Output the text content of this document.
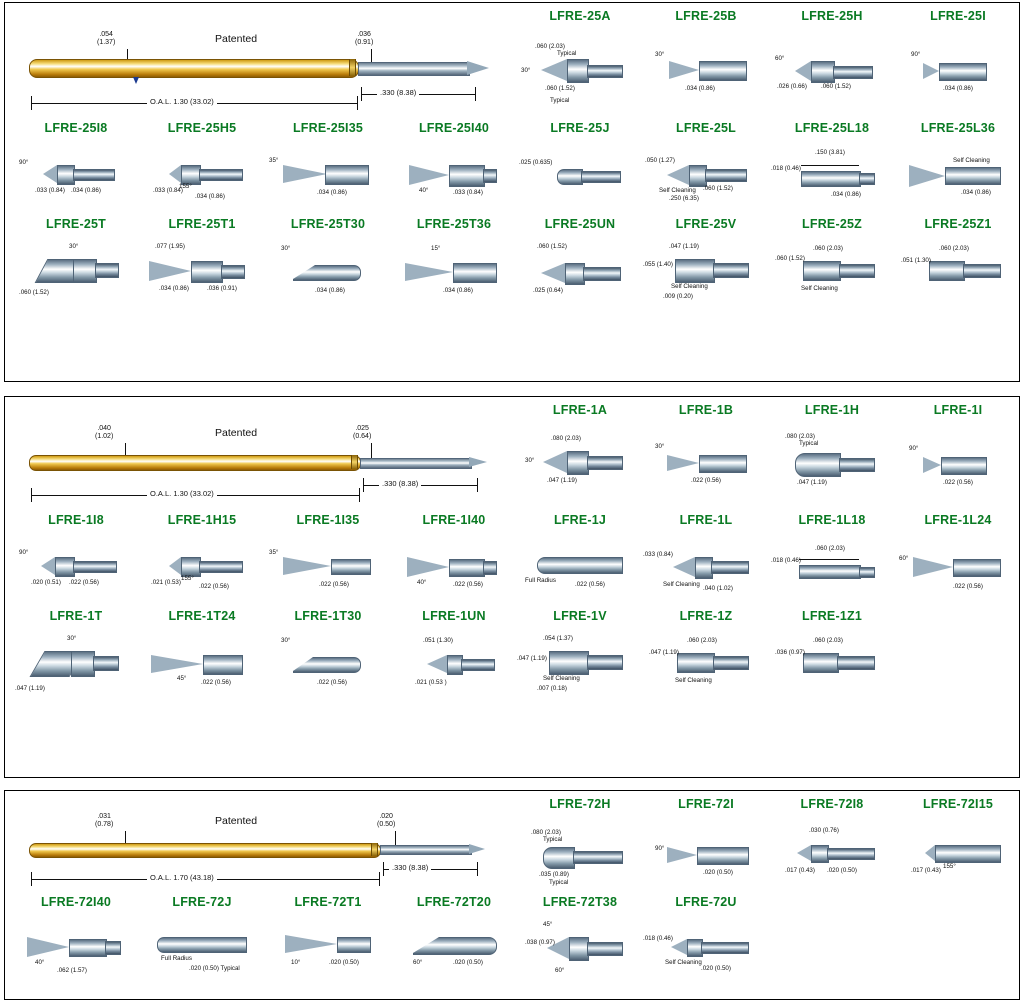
.054
(1.37)	Patented	.036
(0.91)
O.A.L. 1.30 (33.02)
.330 (8.38)
LFRE-25A
.060 (2.03)
Typical
30°
.060 (1.52)
Typical
LFRE-25B
30°
.034 (0.86)
LFRE-25H
60°
.026 (0.66) .060 (1.52)
LFRE-25I
90°
.034 (0.86)
LFRE-25I8
90°
.033 (0.84) .034 (0.86)
LFRE-25H5
155°
.033 (0.84)
.034 (0.86)
LFRE-25I35
35°
.034 (0.86)
LFRE-25I40
40°	.033 (0.84)
LFRE-25J
.025 (0.635)
LFRE-25L
.050 (1.27)
Self Cleaning .060 (1.52)
.250 (6.35)
LFRE-25L18
.150 (3.81)
.018 (0.46)
.034 (0.86)
LFRE-25L36
Self Cleaning
.034 (0.86)
LFRE-25T
30°
.060 (1.52)
LFRE-25T1
.077 (1.95)
.034 (0.86)	.036 (0.91)
LFRE-25T30
30°
.034 (0.86)
LFRE-25T36
15°
.034 (0.86)
LFRE-25UN
.060 (1.52)
.025 (0.64)
LFRE-25V
.047 (1.19)
.055 (1.40)
Self Cleaning
.009 (0.20)
LFRE-25Z
.060 (2.03)
.060 (1.52)
Self Cleaning
LFRE-25Z1
.060 (2.03)
.051 (1.30)
.040
(1.02)	Patented	.025
(0.64)
O.A.L. 1.30 (33.02)
.330 (8.38)
LFRE-1A
.080 (2.03)
30°
.047 (1.19)
LFRE-1B
30°
.022 (0.56)
LFRE-1H
.080 (2.03)
Typical
.047 (1.19)
LFRE-1I
90°
.022 (0.56)
LFRE-1I8
90°
.020 (0.51) .022 (0.56)
LFRE-1H15
155°
.021 (0.53)
.022 (0.56)
LFRE-1I35
35°
.022 (0.56)
LFRE-1I40
40°	.022 (0.56)
LFRE-1J
Full Radius
.022 (0.56)
LFRE-1L
.033 (0.84)
Self Cleaning
.040 (1.02)
LFRE-1L18
.060 (2.03)
.018 (0.46)
LFRE-1L24
60°
.022 (0.56)
LFRE-1T
30°
.047 (1.19)
LFRE-1T24
45°
.022 (0.56)
LFRE-1T30
30°
.022 (0.56)
LFRE-1UN
.051 (1.30)
.021 (0.53 )
LFRE-1V
.054 (1.37)
.047 (1.19)
Self Cleaning
.007 (0.18)
LFRE-1Z
.060 (2.03)
.047 (1.19)
Self Cleaning
LFRE-1Z1
.060 (2.03)
.036 (0.97)
.031
(0.78)	Patented	.020
(0.50)
O.A.L. 1.70 (43.18)
.330 (8.38)
LFRE-72H
.080 (2.03)
Typical
.035 (0.89)
Typical
LFRE-72I
90°
.020 (0.50)
LFRE-72I8
.030 (0.76)
.017 (0.43) .020 (0.50)
LFRE-72I15
155°
.017 (0.43)
LFRE-72I40
40°
.062 (1.57)
LFRE-72J
Full Radius
.020 (0.50) Typical
LFRE-72T1
10°	.020 (0.50)
LFRE-72T20
60°	.020 (0.50)
LFRE-72T38
45°
.038 (0.97)
60°
LFRE-72U
.018 (0.46)
Self Cleaning
.020 (0.50)
